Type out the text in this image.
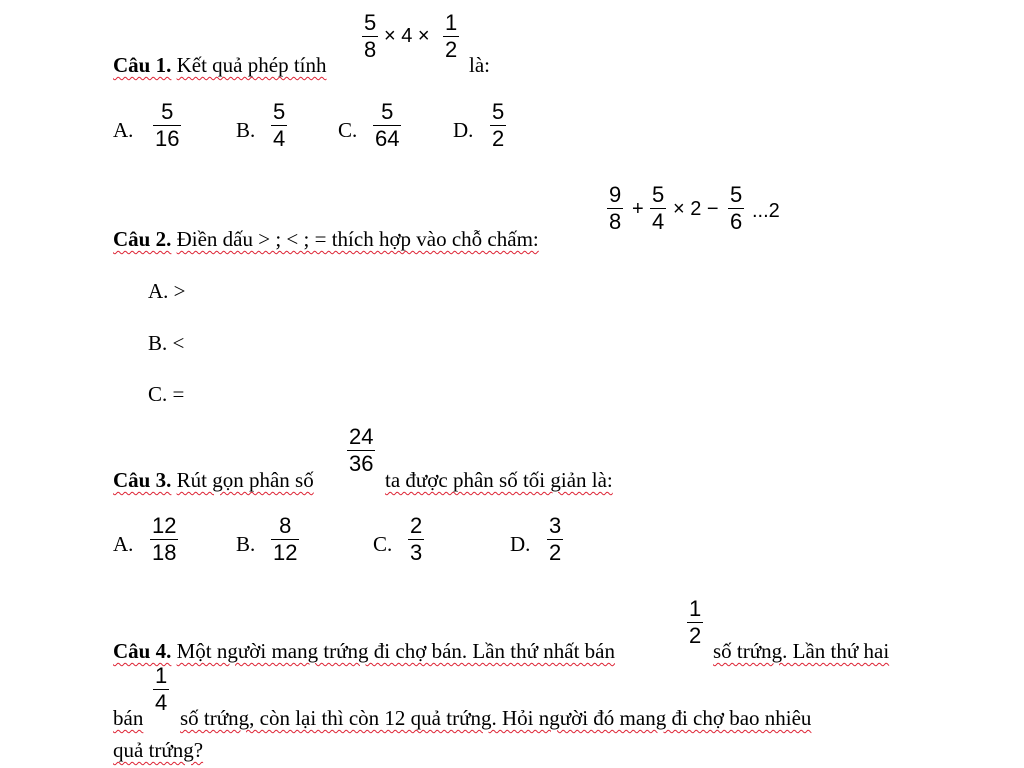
Câu 1. Kết quả phép tính
5
8
× 4 ×
1
2
là:
A.
5
16	B.
5
4	C.
5
64	D.
5
2
Câu 2. Điền dấu > ; < ; = thích hợp vào chỗ chấm:
9
8 +
5
4 × 2 −
5
6 ...2
A. >
B. <
C. =
Câu 3. Rút gọn phân số
24
36
ta được phân số tối giản là:
A.
12
18	B.
8
12	C.
2
3	D.
3
2
Câu 4. Một người mang trứng đi chợ bán. Lần thứ nhất bán
1
2
số trứng. Lần thứ hai
bán
1
4
số trứng, còn lại thì còn 12 quả trứng. Hỏi người đó mang đi chợ bao nhiêu
quả trứng?
